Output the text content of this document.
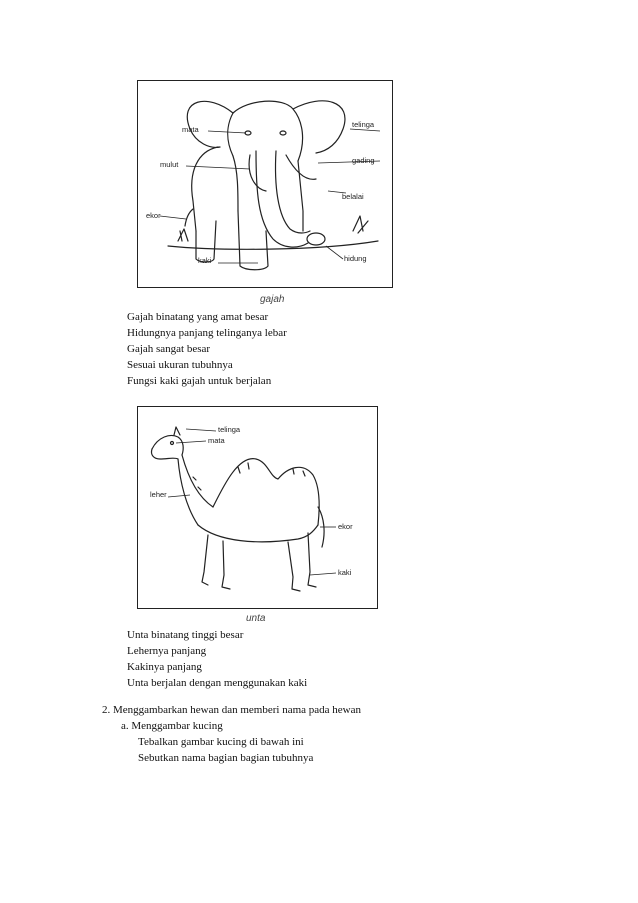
mata
telinga
mulut	gading
belalai
ekor
kaki	hidung
gajah
Gajah binatang yang amat besar
Hidungnya panjang telinganya lebar
Gajah sangat besar
Sesuai ukuran tubuhnya
Fungsi kaki gajah untuk berjalan
telinga
mata
leher
ekor
kaki
unta
Unta binatang tinggi besar
Lehernya panjang
Kakinya panjang
Unta berjalan dengan menggunakan kaki
2. Menggambarkan hewan dan memberi nama pada hewan
a. Menggambar kucing
Tebalkan gambar kucing di bawah ini
Sebutkan nama bagian bagian tubuhnya
